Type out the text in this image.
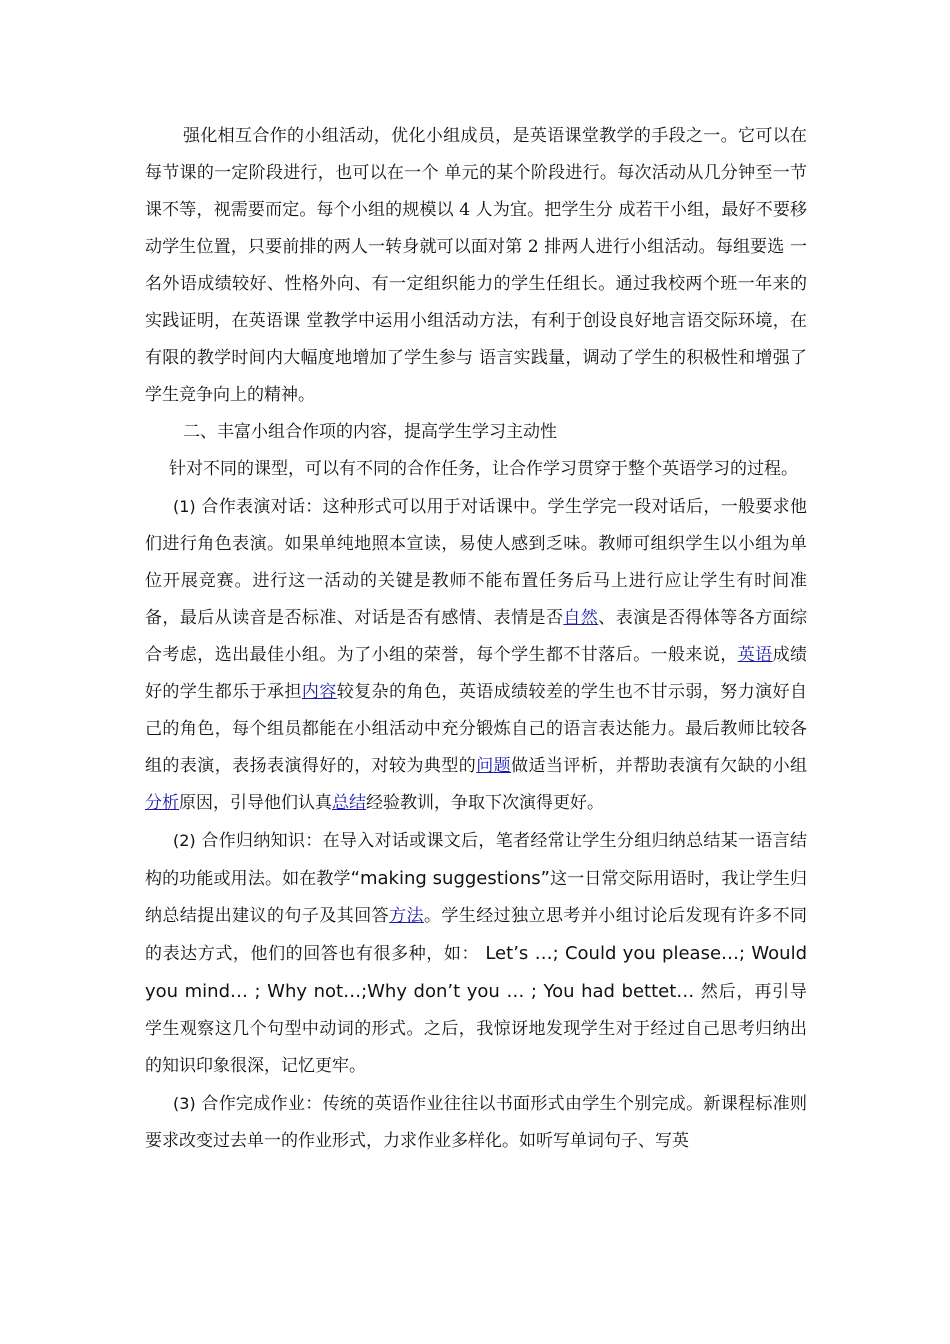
强化相互合作的小组活动，优化小组成员，是英语课堂教学的手段之一。它可以在每节课的一定阶段进行，也可以在一个 单元的某个阶段进行。每次活动从几分钟至一节课不等，视需要而定。每个小组的规模以 4 人为宜。把学生分 成若干小组，最好不要移动学生位置，只要前排的两人一转身就可以面对第 2 排两人进行小组活动。每组要选 一名外语成绩较好、性格外向、有一定组织能力的学生任组长。通过我校两个班一年来的实践证明，在英语课 堂教学中运用小组活动方法，有利于创设良好地言语交际环境，在有限的教学时间内大幅度地增加了学生参与 语言实践量，调动了学生的积极性和增强了学生竞争向上的精神。

二、丰富小组合作项的内容，提高学生学习主动性

针对不同的课型，可以有不同的合作任务，让合作学习贯穿于整个英语学习的过程。

(1) 合作表演对话：这种形式可以用于对话课中。学生学完一段对话后，一般要求他们进行角色表演。如果单纯地照本宣读，易使人感到乏味。教师可组织学生以小组为单位开展竞赛。进行这一活动的关键是教师不能布置任务后马上进行应让学生有时间准备，最后从读音是否标准、对话是否有感情、表情是否自然、表演是否得体等各方面综合考虑，选出最佳小组。为了小组的荣誉，每个学生都不甘落后。一般来说，英语成绩好的学生都乐于承担内容较复杂的角色，英语成绩较差的学生也不甘示弱，努力演好自己的角色，每个组员都能在小组活动中充分锻炼自己的语言表达能力。最后教师比较各组的表演，表扬表演得好的，对较为典型的问题做适当评析，并帮助表演有欠缺的小组分析原因，引导他们认真总结经验教训，争取下次演得更好。

(2) 合作归纳知识：在导入对话或课文后，笔者经常让学生分组归纳总结某一语言结构的功能或用法。如在教学“making suggestions”这一日常交际用语时，我让学生归纳总结提出建议的句子及其回答方法。学生经过独立思考并小组讨论后发现有许多不同的表达方式，他们的回答也有很多种，如： Let’s …; Could you please…; Would you mind… ; Why not…;Why don’t you … ; You had bettet… 然后，再引导学生观察这几个句型中动词的形式。之后，我惊讶地发现学生对于经过自己思考归纳出的知识印象很深，记忆更牢。

(3) 合作完成作业：传统的英语作业往往以书面形式由学生个别完成。新课程标准则要求改变过去单一的作业形式，力求作业多样化。如听写单词句子、写英
